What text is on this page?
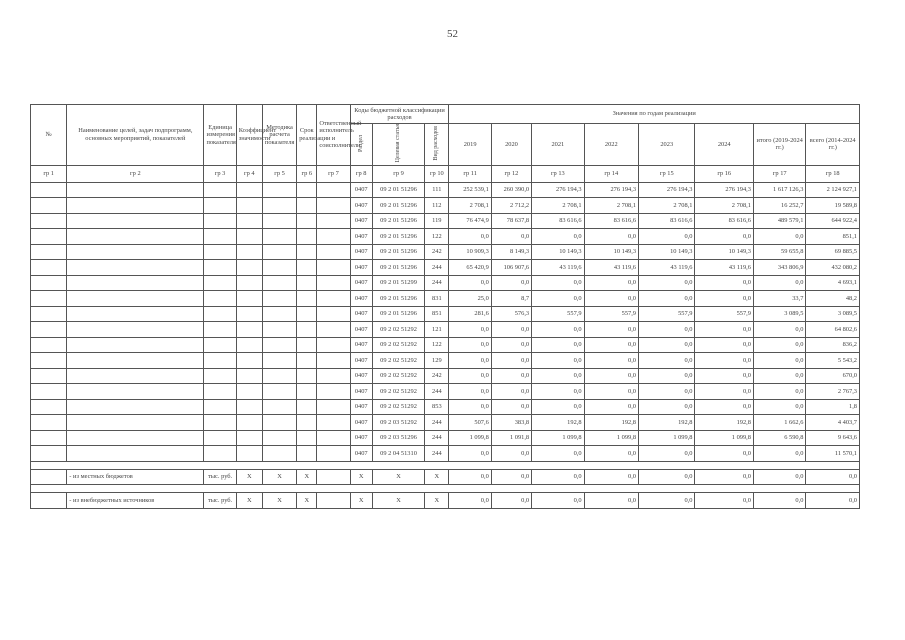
52
№	Наименование целей, задач подпрограмм, основных мероприятий, показателей	Единица измерения показателя	Коэффициент значимости	Методика расчета показателя	Срок реализации	Ответственный исполнитель и соисполнители	Коды бюджетной классификации расходов			Значения по годам реализации							
							Раздел	Целевая статья	Вид расходов	2019	2020	2021	2022	2023	2024	итого (2019-2024 гг.)	всего (2014-2024 гг.)
гр 1	гр 2	гр 3	гр 4	гр 5	гр 6	гр 7	гр 8	гр 9	гр 10	гр 11	гр 12	гр 13	гр 14	гр 15	гр 16	гр 17	гр 18
							0407	09 2 01 51296	111	252 539,1	260 390,0	276 194,3	276 194,3	276 194,3	276 194,3	1 617 126,3	2 124 927,1
							0407	09 2 01 51296	112	2 708,1	2 712,2	2 708,1	2 708,1	2 708,1	2 708,1	16 252,7	19 589,8
							0407	09 2 01 51296	119	76 474,9	78 637,8	83 616,6	83 616,6	83 616,6	83 616,6	489 579,1	644 922,4
							0407	09 2 01 51296	122	0,0	0,0	0,0	0,0	0,0	0,0	0,0	851,1
							0407	09 2 01 51296	242	10 909,3	8 149,3	10 149,3	10 149,3	10 149,3	10 149,3	59 655,8	69 885,5
							0407	09 2 01 51296	244	65 420,9	106 907,6	43 119,6	43 119,6	43 119,6	43 119,6	343 806,9	432 080,2
							0407	09 2 01 51299	244	0,0	0,0	0,0	0,0	0,0	0,0	0,0	4 693,1
							0407	09 2 01 51296	831	25,0	8,7	0,0	0,0	0,0	0,0	33,7	48,2
							0407	09 2 01 51296	851	281,6	576,3	557,9	557,9	557,9	557,9	3 089,5	3 089,5
							0407	09 2 02 51292	121	0,0	0,0	0,0	0,0	0,0	0,0	0,0	64 802,6
							0407	09 2 02 51292	122	0,0	0,0	0,0	0,0	0,0	0,0	0,0	836,2
							0407	09 2 02 51292	129	0,0	0,0	0,0	0,0	0,0	0,0	0,0	5 543,2
							0407	09 2 02 51292	242	0,0	0,0	0,0	0,0	0,0	0,0	0,0	670,0
							0407	09 2 02 51292	244	0,0	0,0	0,0	0,0	0,0	0,0	0,0	2 767,3
							0407	09 2 02 51292	853	0,0	0,0	0,0	0,0	0,0	0,0	0,0	1,8
							0407	09 2 03 51292	244	507,6	383,8	192,8	192,8	192,8	192,8	1 662,6	4 403,7
							0407	09 2 03 51296	244	1 099,8	1 091,8	1 099,8	1 099,8	1 099,8	1 099,8	6 590,8	9 643,6
							0407	09 2 04 51310	244	0,0	0,0	0,0	0,0	0,0	0,0	0,0	11 570,1

	- из местных бюджетов	тыс. руб.	X	X	X		X	X	X	0,0	0,0	0,0	0,0	0,0	0,0	0,0	0,0

	- из внебюджетных источников	тыс. руб.	X	X	X		X	X	X	0,0	0,0	0,0	0,0	0,0	0,0	0,0	0,0
